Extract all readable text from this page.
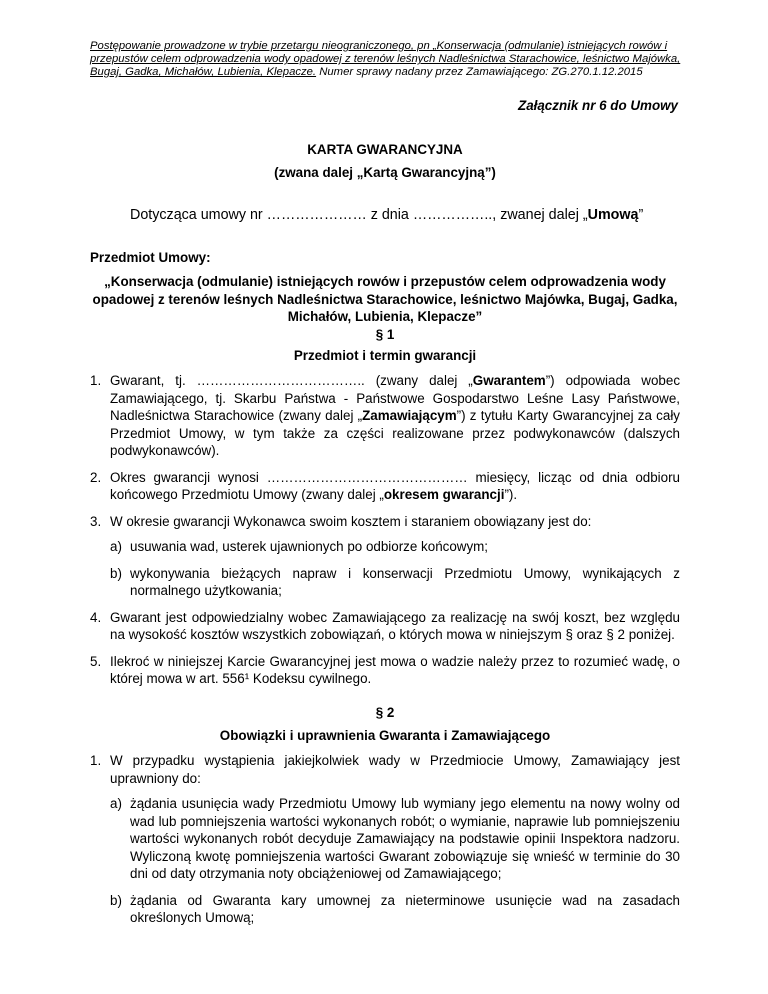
Postępowanie prowadzone w trybie przetargu nieograniczonego, pn „Konserwacja (odmulanie) istniejących rowów i przepustów celem odprowadzenia wody opadowej z terenów leśnych Nadleśnictwa Starachowice, leśnictwo Majówka, Bugaj, Gadka, Michałów, Lubienia, Klepacze. Numer sprawy nadany przez Zamawiającego: ZG.270.1.12.2015
Załącznik nr 6 do Umowy
KARTA GWARANCYJNA
(zwana dalej „Kartą Gwarancyjną”)
Dotycząca umowy nr ………………… z dnia …………….., zwanej dalej „Umową”
Przedmiot Umowy:
„Konserwacja (odmulanie) istniejących rowów i przepustów celem odprowadzenia wody opadowej z terenów leśnych Nadleśnictwa Starachowice, leśnictwo Majówka, Bugaj, Gadka, Michałów, Lubienia, Klepacze”
§ 1
Przedmiot i termin gwarancji
1. Gwarant, tj. ……………………………….. (zwany dalej „Gwarantem”) odpowiada wobec Zamawiającego, tj. Skarbu Państwa - Państwowe Gospodarstwo Leśne Lasy Państwowe, Nadleśnictwa Starachowice (zwany dalej „Zamawiającym”) z tytułu Karty Gwarancyjnej za cały Przedmiot Umowy, w tym także za części realizowane przez podwykonawców (dalszych podwykonawców).
2. Okres gwarancji wynosi ……………………………………… miesięcy, licząc od dnia odbioru końcowego Przedmiotu Umowy (zwany dalej „okresem gwarancji”).
3. W okresie gwarancji Wykonawca swoim kosztem i staraniem obowiązany jest do:
a) usuwania wad, usterek ujawnionych po odbiorze końcowym;
b) wykonywania bieżących napraw i konserwacji Przedmiotu Umowy, wynikających z normalnego użytkowania;
4. Gwarant jest odpowiedzialny wobec Zamawiającego za realizację na swój koszt, bez względu na wysokość kosztów wszystkich zobowiązań, o których mowa w niniejszym § oraz § 2 poniżej.
5. Ilekroć w niniejszej Karcie Gwarancyjnej jest mowa o wadzie należy przez to rozumieć wadę, o której mowa w art. 556¹ Kodeksu cywilnego.
§ 2
Obowiązki i uprawnienia Gwaranta i Zamawiającego
1. W przypadku wystąpienia jakiejkolwiek wady w Przedmiocie Umowy, Zamawiający jest uprawniony do:
a) żądania usunięcia wady Przedmiotu Umowy lub wymiany jego elementu na nowy wolny od wad lub pomniejszenia wartości wykonanych robót; o wymianie, naprawie lub pomniejszeniu wartości wykonanych robót decyduje Zamawiający na podstawie opinii Inspektora nadzoru. Wyliczoną kwotę pomniejszenia wartości Gwarant zobowiązuje się wnieść w terminie do 30 dni od daty otrzymania noty obciążeniowej od Zamawiającego;
b) żądania od Gwaranta kary umownej za nieterminowe usunięcie wad na zasadach określonych Umową;
